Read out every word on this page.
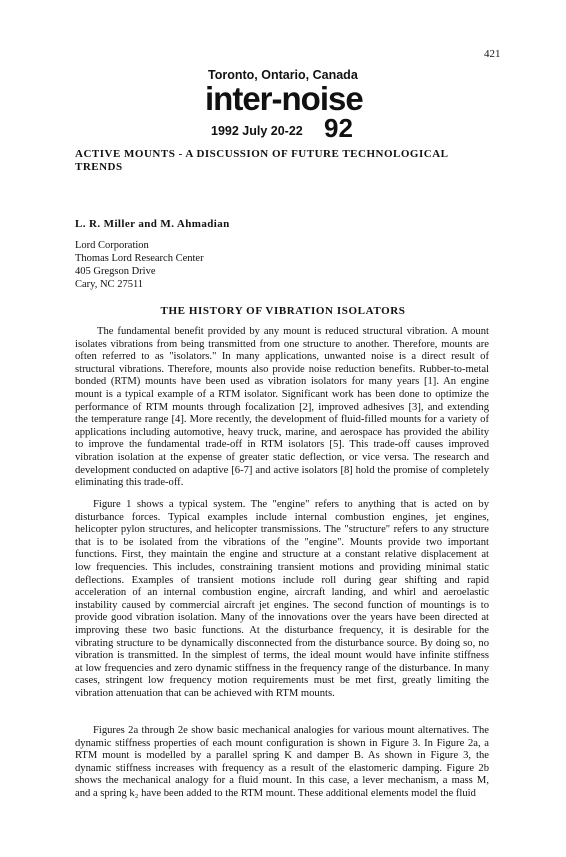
421
Toronto, Ontario, Canada
inter-noise
1992 July 20-22 92
ACTIVE MOUNTS - A DISCUSSION OF FUTURE TECHNOLOGICAL
TRENDS
L. R. Miller and M. Ahmadian
Lord Corporation
Thomas Lord Research Center
405 Gregson Drive
Cary, NC 27511
THE HISTORY OF VIBRATION ISOLATORS
The fundamental benefit provided by any mount is reduced structural vibration. A mount
isolates vibrations from being transmitted from one structure to another. Therefore, mounts are
often referred to as "isolators." In many applications, unwanted noise is a direct result of
structural vibrations. Therefore, mounts also provide noise reduction benefits. Rubber-to-metal
bonded (RTM) mounts have been used as vibration isolators for many years [1]. An engine
mount is a typical example of a RTM isolator. Significant work has been done to optimize the
performance of RTM mounts through focalization [2], improved adhesives [3], and extending
the temperature range [4]. More recently, the development of fluid-filled mounts for a variety of
applications including automotive, heavy truck, marine, and aerospace has provided the ability
to improve the fundamental trade-off in RTM isolators [5]. This trade-off causes improved
vibration isolation at the expense of greater static deflection, or vice versa. The research and
development conducted on adaptive [6-7] and active isolators [8] hold the promise of completely
eliminating this trade-off.
Figure 1 shows a typical system. The "engine" refers to anything that is acted on by
disturbance forces. Typical examples include internal combustion engines, jet engines,
helicopter pylon structures, and helicopter transmissions. The "structure" refers to any structure
that is to be isolated from the vibrations of the "engine". Mounts provide two important
functions. First, they maintain the engine and structure at a constant relative displacement at
low frequencies. This includes, constraining transient motions and providing minimal static
deflections. Examples of transient motions include roll during gear shifting and rapid
acceleration of an internal combustion engine, aircraft landing, and whirl and aeroelastic
instability caused by commercial aircraft jet engines. The second function of mountings is to
provide good vibration isolation. Many of the innovations over the years have been directed at
improving these two basic functions. At the disturbance frequency, it is desirable for the
vibrating structure to be dynamically disconnected from the disturbance source. By doing so, no
vibration is transmitted. In the simplest of terms, the ideal mount would have infinite stiffness
at low frequencies and zero dynamic stiffness in the frequency range of the disturbance. In many
cases, stringent low frequency motion requirements must be met first, greatly limiting the
vibration attenuation that can be achieved with RTM mounts.
Figures 2a through 2e show basic mechanical analogies for various mount alternatives. The
dynamic stiffness properties of each mount configuration is shown in Figure 3. In Figure 2a, a
RTM mount is modelled by a parallel spring K and damper B. As shown in Figure 3, the
dynamic stiffness increases with frequency as a result of the elastomeric damping. Figure 2b
shows the mechanical analogy for a fluid mount. In this case, a lever mechanism, a mass M,
and a spring k₂ have been added to the RTM mount. These additional elements model the fluid
